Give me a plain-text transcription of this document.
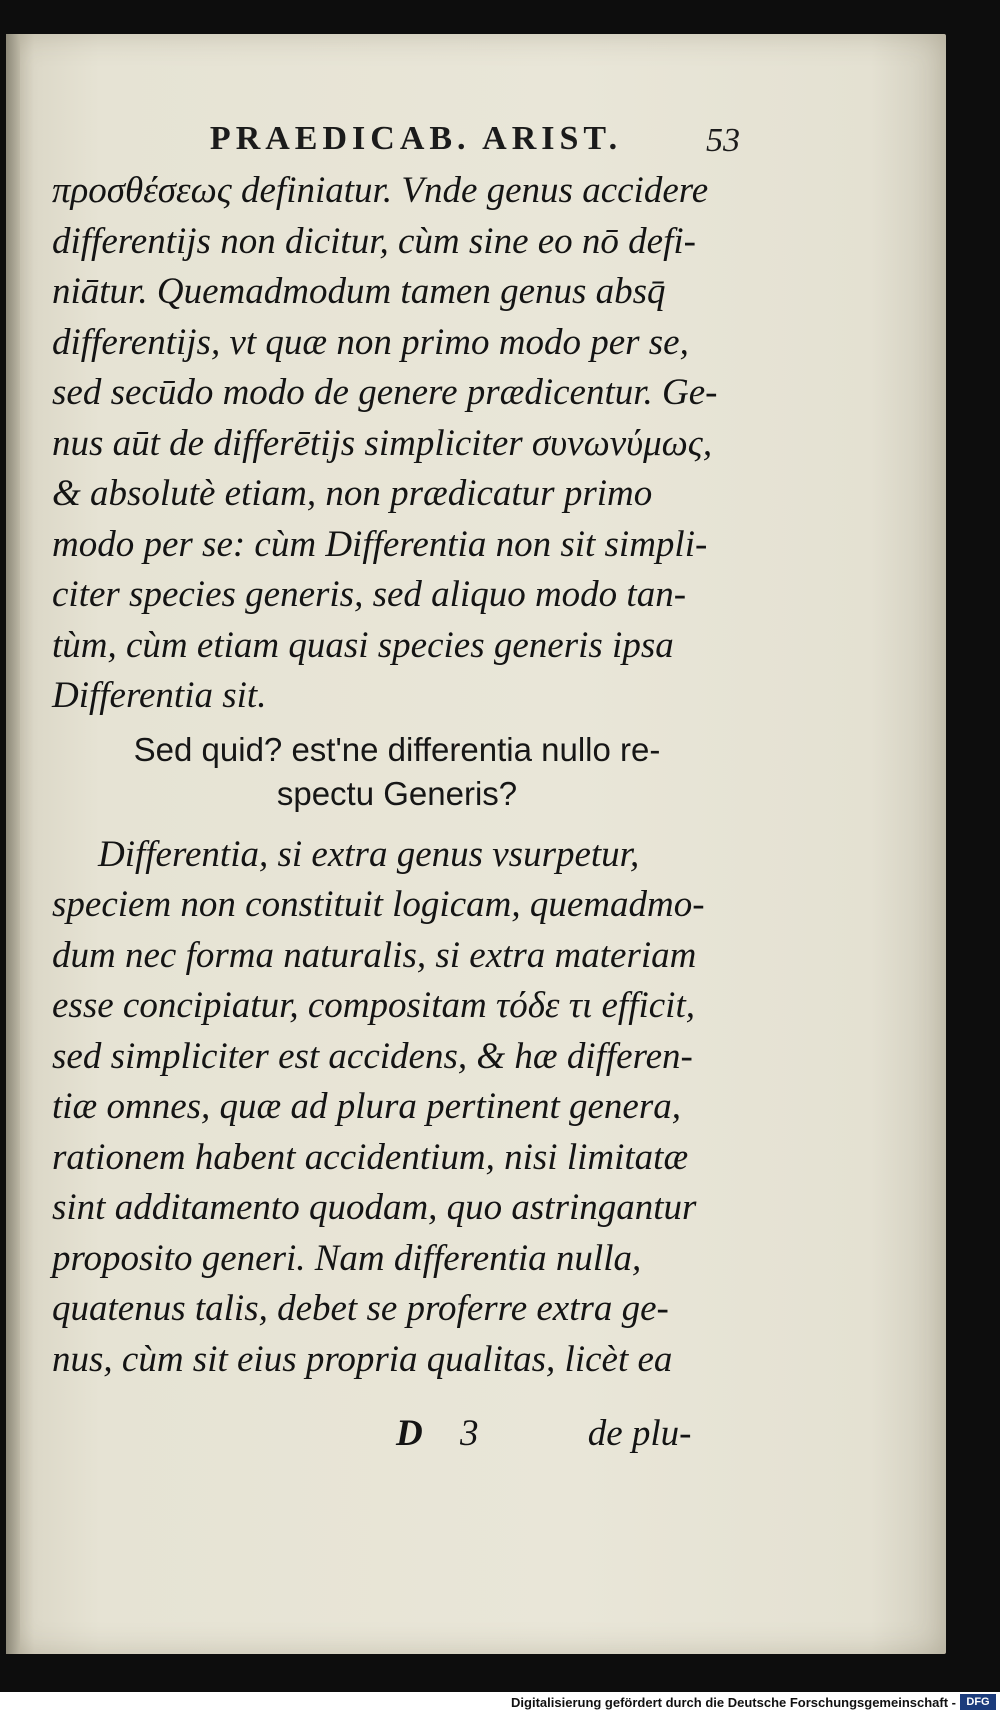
PRAEDICAB. ARIST.	53
προσθέσεως definiatur. Vnde genus accidere
differentijs non dicitur, cùm sine eo nō defi-
niātur. Quemadmodum tamen genus absq̄
differentijs, vt quæ non primo modo per se,
sed secūdo modo de genere prædicentur. Ge-
nus aūt de differētijs simpliciter συνωνύμως,
& absolutè etiam, non prædicatur primo
modo per se: cùm Differentia non sit simpli-
citer species generis, sed aliquo modo tan-
tùm, cùm etiam quasi species generis ipsa
Differentia sit.
Sed quid? est'ne differentia nullo re-
spectu Generis?
Differentia, si extra genus vsurpetur,
speciem non constituit logicam, quemadmo-
dum nec forma naturalis, si extra materiam
esse concipiatur, compositam τόδε τι efficit,
sed simpliciter est accidens, & hæ differen-
tiæ omnes, quæ ad plura pertinent genera,
rationem habent accidentium, nisi limitatæ
sint additamento quodam, quo astringantur
proposito generi. Nam differentia nulla,
quatenus talis, debet se proferre extra ge-
nus, cùm sit eius propria qualitas, licèt ea
D 3	de plu-
Digitalisierung gefördert durch die Deutsche Forschungsgemeinschaft - DFG
